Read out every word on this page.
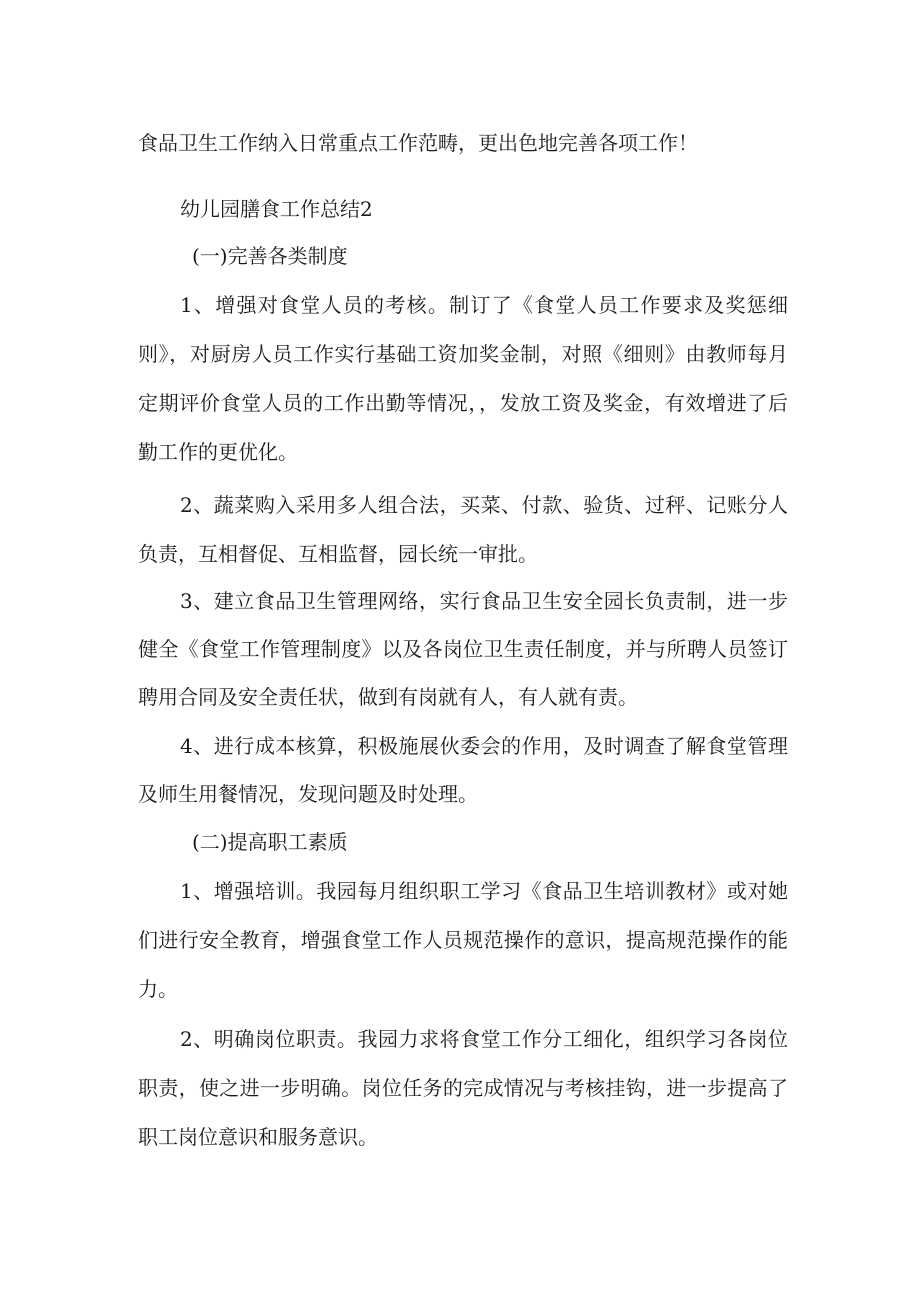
食品卫生工作纳入日常重点工作范畴，更出色地完善各项工作！
幼儿园膳食工作总结2
(一)完善各类制度
1、增强对食堂人员的考核。制订了《食堂人员工作要求及奖惩细
则》，对厨房人员工作实行基础工资加奖金制，对照《细则》由教师每月
定期评价食堂人员的工作出勤等情况，，发放工资及奖金，有效增进了后
勤工作的更优化。
2、蔬菜购入采用多人组合法，买菜、付款、验货、过秤、记账分人
负责，互相督促、互相监督，园长统一审批。
3、建立食品卫生管理网络，实行食品卫生安全园长负责制，进一步
健全《食堂工作管理制度》以及各岗位卫生责任制度，并与所聘人员签订
聘用合同及安全责任状，做到有岗就有人，有人就有责。
4、进行成本核算，积极施展伙委会的作用，及时调查了解食堂管理
及师生用餐情况，发现问题及时处理。
(二)提高职工素质
1、增强培训。我园每月组织职工学习《食品卫生培训教材》或对她
们进行安全教育，增强食堂工作人员规范操作的意识，提高规范操作的能
力。
2、明确岗位职责。我园力求将食堂工作分工细化，组织学习各岗位
职责，使之进一步明确。岗位任务的完成情况与考核挂钩，进一步提高了
职工岗位意识和服务意识。
